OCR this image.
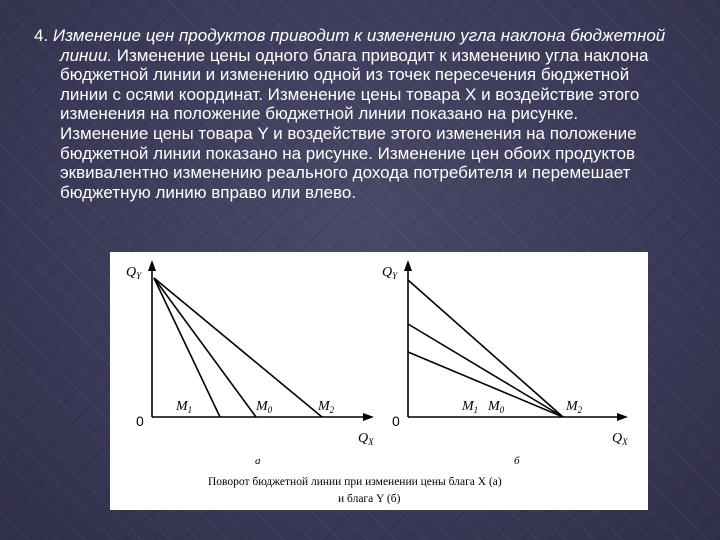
4. Изменение цен продуктов приводит к изменению угла наклона бюджетной линии. Изменение цены одного блага приводит к изменению угла наклона бюджетной линии и изменению одной из точек пересечения бюджетной линии с осями координат. Изменение цены товара X и воздействие этого изменения на положение бюджетной линии показано на рисунке. Изменение цены товара Y и воздействие этого изменения на положение бюджетной линии показано на рисунке. Изменение цен обоих продуктов эквивалентно изменению реального дохода потребителя и перемешает бюджетную линию вправо или влево.

$Q_Y$
$Q_X$
0
$M_1$	$M_0$	$M_2$
а
$Q_Y$
$Q_X$
0
$M_1$ $M_0$	$M_2$
б
Поворот бюджетной линии при изменении цены блага X (а)
и блага Y (б)
